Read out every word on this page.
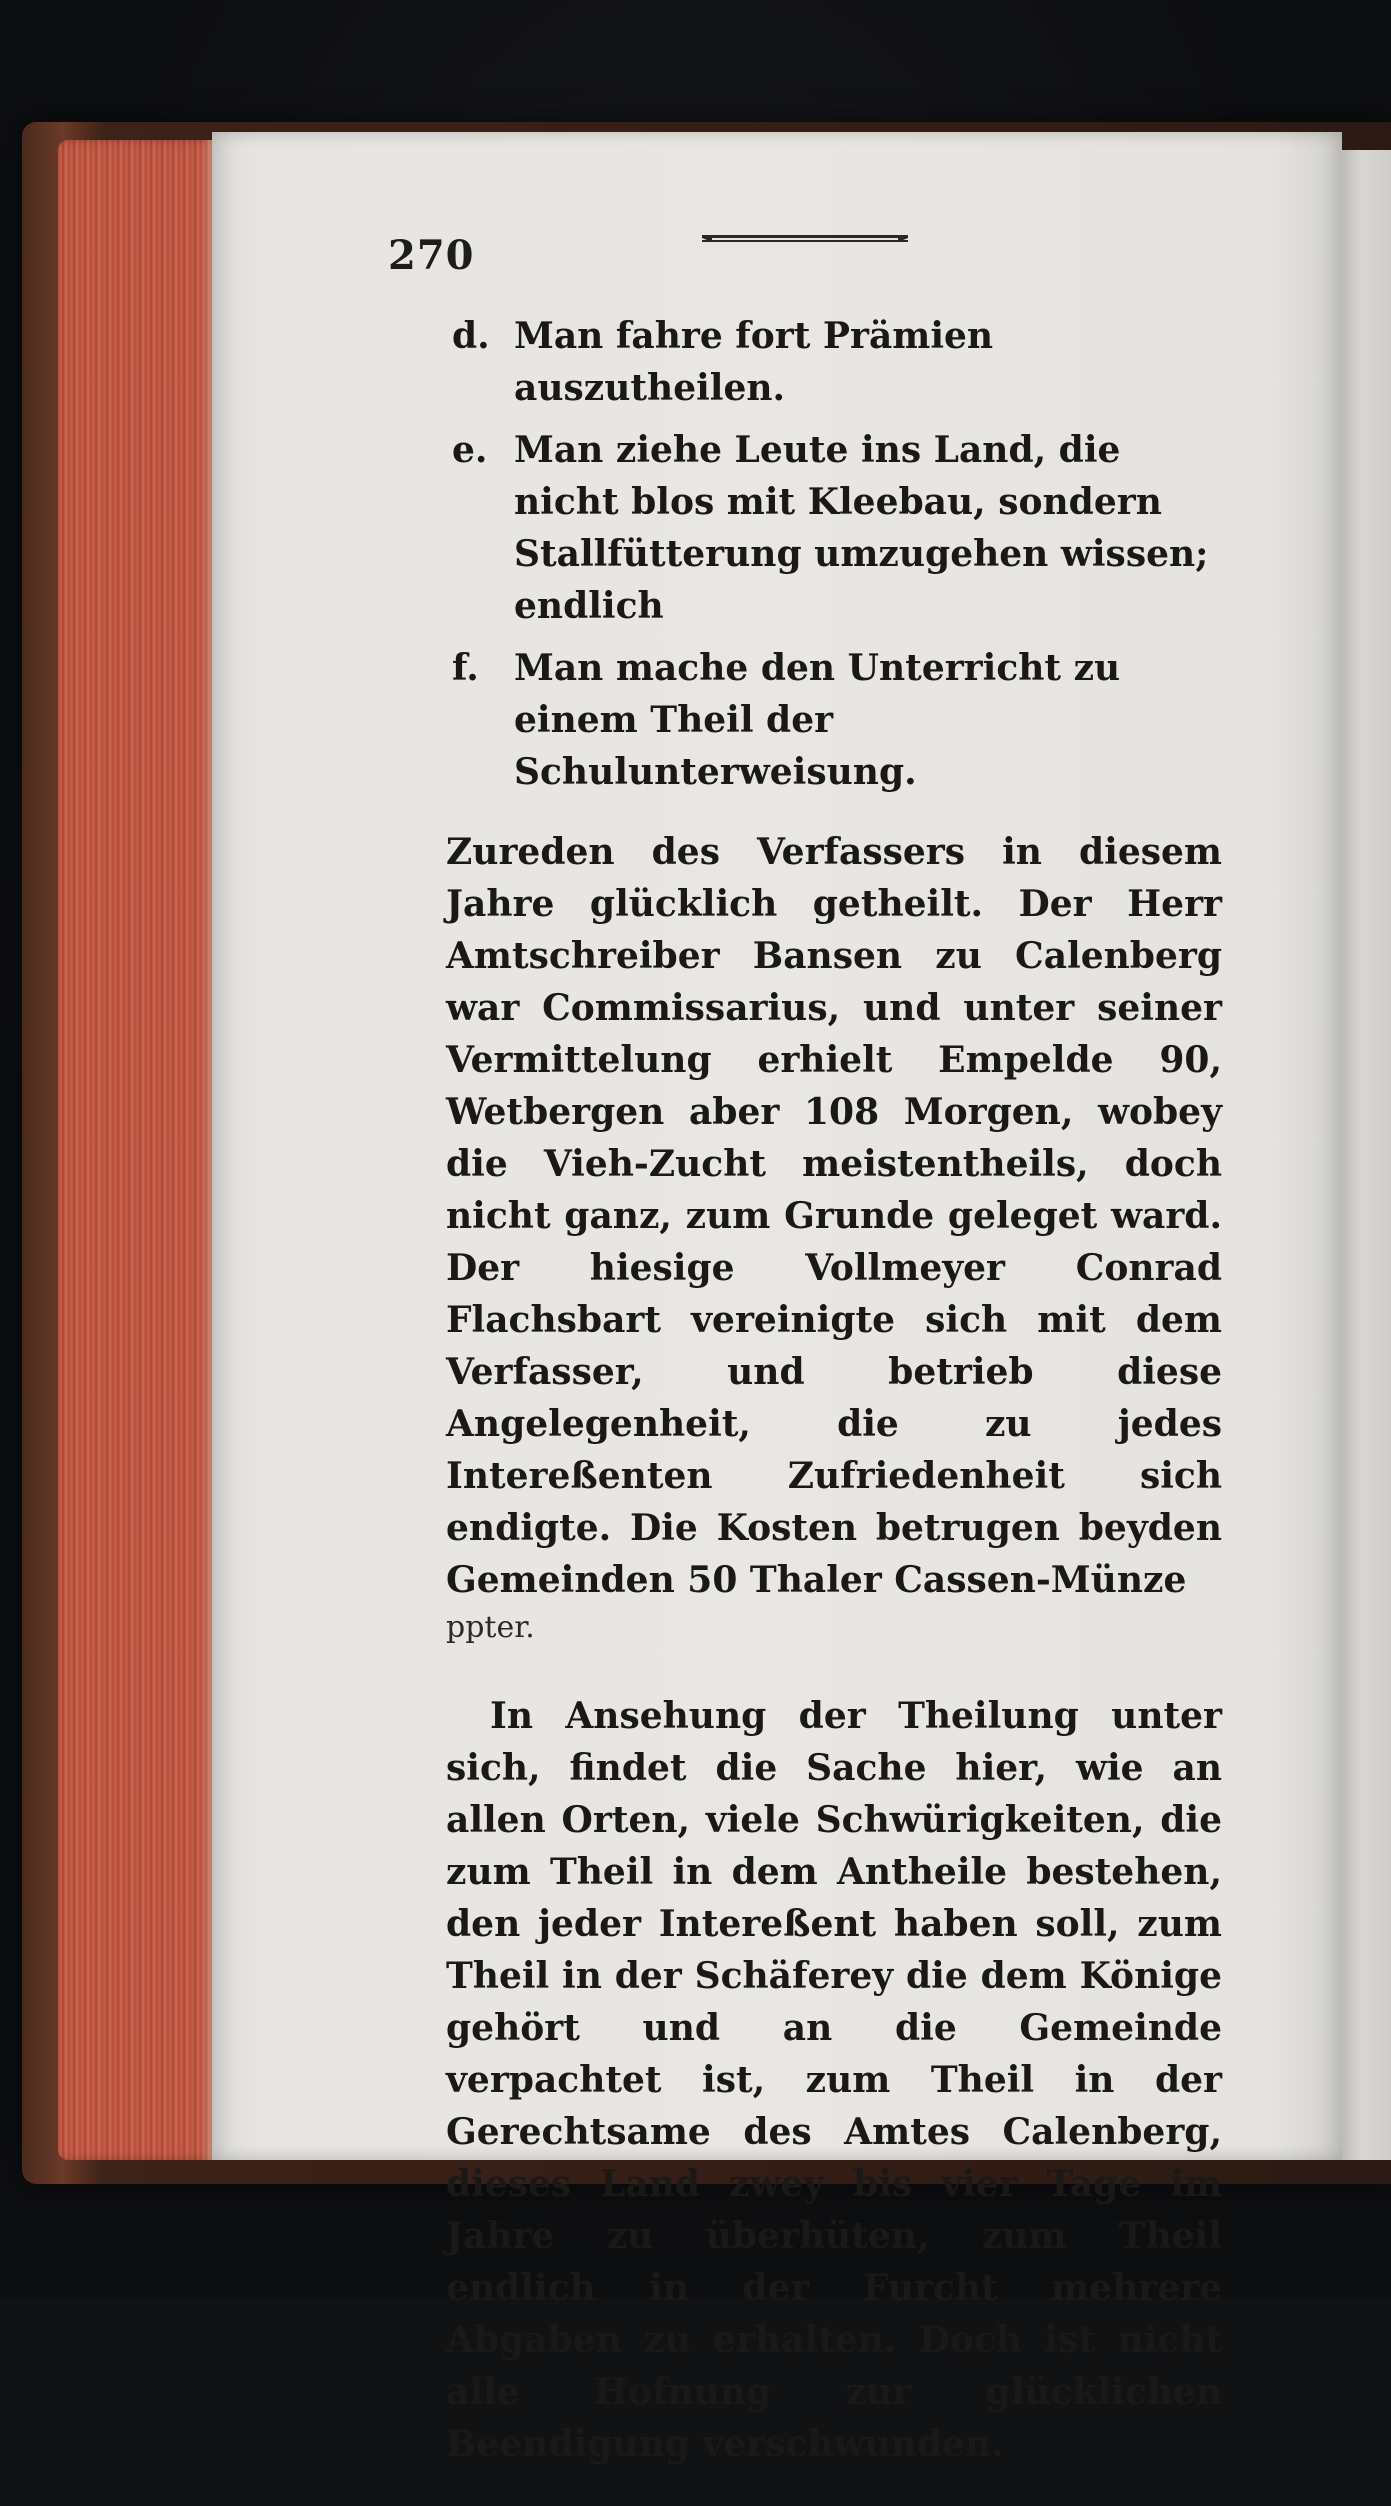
270
d. Man fahre fort Prämien auszutheilen.
e. Man ziehe Leute ins Land, die nicht blos mit Kleebau, sondern Stallfütterung umzugehen wissen; endlich
f. Man mache den Unterricht zu einem Theil der Schulunterweisung.

Zureden des Verfassers in diesem Jahre glücklich getheilt. Der Herr Amtschreiber Bansen zu Calenberg war Commissarius, und unter seiner Vermittelung erhielt Empelde 90, Wetbergen aber 108 Morgen, wobey die Vieh-Zucht meistentheils, doch nicht ganz, zum Grunde geleget ward. Der hiesige Vollmeyer Conrad Flachsbart vereinigte sich mit dem Verfasser, und betrieb diese Angelegenheit, die zu jedes Intereßenten Zufriedenheit sich endigte. Die Kosten betrugen beyden Gemeinden 50 Thaler Cassen-Münze
ppter.

In Ansehung der Theilung unter sich, findet die Sache hier, wie an allen Orten, viele Schwürigkeiten, die zum Theil in dem Antheile bestehen, den jeder Intereßent haben soll, zum Theil in der Schäferey die dem Könige gehört und an die Gemeinde verpachtet ist, zum Theil in der Gerechtsame des Amtes Calenberg, dieses Land zwey bis vier Tage im Jahre zu überhüten, zum Theil endlich in der Furcht mehrere Abgaben zu erhalten. Doch ist nicht alle Hofnung zur glücklichen Beendigung verschwunden.
